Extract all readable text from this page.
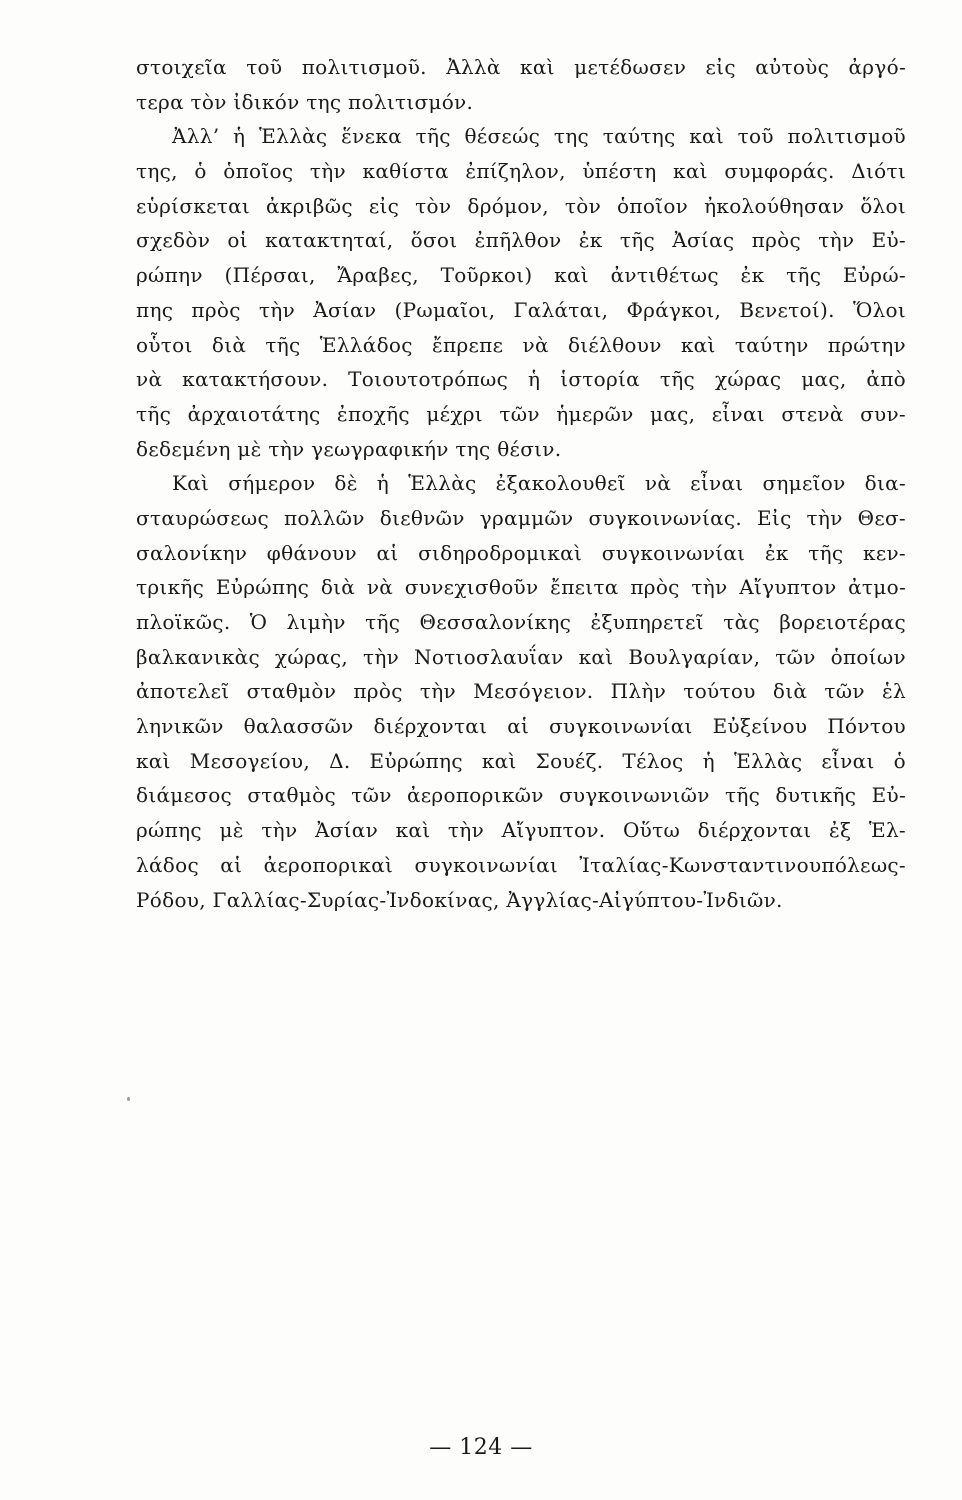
στοιχεῖα τοῦ πολιτισμοῦ. Ἀλλὰ καὶ μετέδωσεν εἰς αὐτοὺς ἀργό-
τερα τὸν ἰδικόν της πολιτισμόν.
Ἀλλ’ ἡ Ἑλλὰς ἕνεκα τῆς θέσεώς της ταύτης καὶ τοῦ πολιτισμοῦ
της, ὁ ὁποῖος τὴν καθίστα ἐπίζηλον, ὑπέστη καὶ συμφοράς. Διότι
εὑρίσκεται ἀκριβῶς εἰς τὸν δρόμον, τὸν ὁποῖον ἠκολούθησαν ὅλοι
σχεδὸν οἱ κατακτηταί, ὅσοι ἐπῆλθον ἐκ τῆς Ἀσίας πρὸς τὴν Εὐ-
ρώπην (Πέρσαι, Ἄραβες, Τοῦρκοι) καὶ ἀντιθέτως ἐκ τῆς Εὐρώ-
πης πρὸς τὴν Ἀσίαν (Ρωμαῖοι, Γαλάται, Φράγκοι, Βενετοί). Ὅλοι
οὗτοι διὰ τῆς Ἑλλάδος ἔπρεπε νὰ διέλθουν καὶ ταύτην πρώτην
νὰ κατακτήσουν. Τοιουτοτρόπως ἡ ἱστορία τῆς χώρας μας, ἀπὸ
τῆς ἀρχαιοτάτης ἐποχῆς μέχρι τῶν ἡμερῶν μας, εἶναι στενὰ συν-
δεδεμένη μὲ τὴν γεωγραφικήν της θέσιν.
Καὶ σήμερον δὲ ἡ Ἑλλὰς ἐξακολουθεῖ νὰ εἶναι σημεῖον δια-
σταυρώσεως πολλῶν διεθνῶν γραμμῶν συγκοινωνίας. Εἰς τὴν Θεσ-
σαλονίκην φθάνουν αἱ σιδηροδρομικαὶ συγκοινωνίαι ἐκ τῆς κεν-
τρικῆς Εὐρώπης διὰ νὰ συνεχισθοῦν ἔπειτα πρὸς τὴν Αἴγυπτον ἀτμο-
πλοϊκῶς. Ὁ λιμὴν τῆς Θεσσαλονίκης ἐξυπηρετεῖ τὰς βορειοτέρας
βαλκανικὰς χώρας, τὴν Νοτιοσλαυΐαν καὶ Βουλγαρίαν, τῶν ὁποίων
ἀποτελεῖ σταθμὸν πρὸς τὴν Μεσόγειον. Πλὴν τούτου διὰ τῶν ἑλ
ληνικῶν θαλασσῶν διέρχονται αἱ συγκοινωνίαι Εὐξείνου Πόντου
καὶ Μεσογείου, Δ. Εὐρώπης καὶ Σουέζ. Τέλος ἡ Ἑλλὰς εἶναι ὁ
διάμεσος σταθμὸς τῶν ἀεροπορικῶν συγκοινωνιῶν τῆς δυτικῆς Εὐ-
ρώπης μὲ τὴν Ἀσίαν καὶ τὴν Αἴγυπτον. Οὕτω διέρχονται ἐξ Ἑλ-
λάδος αἱ ἀεροπορικαὶ συγκοινωνίαι Ἰταλίας-Κωνσταντινουπόλεως-
Ρόδου, Γαλλίας-Συρίας-Ἰνδοκίνας, Ἀγγλίας-Αἰγύπτου-Ἰνδιῶν.
— 124 —
